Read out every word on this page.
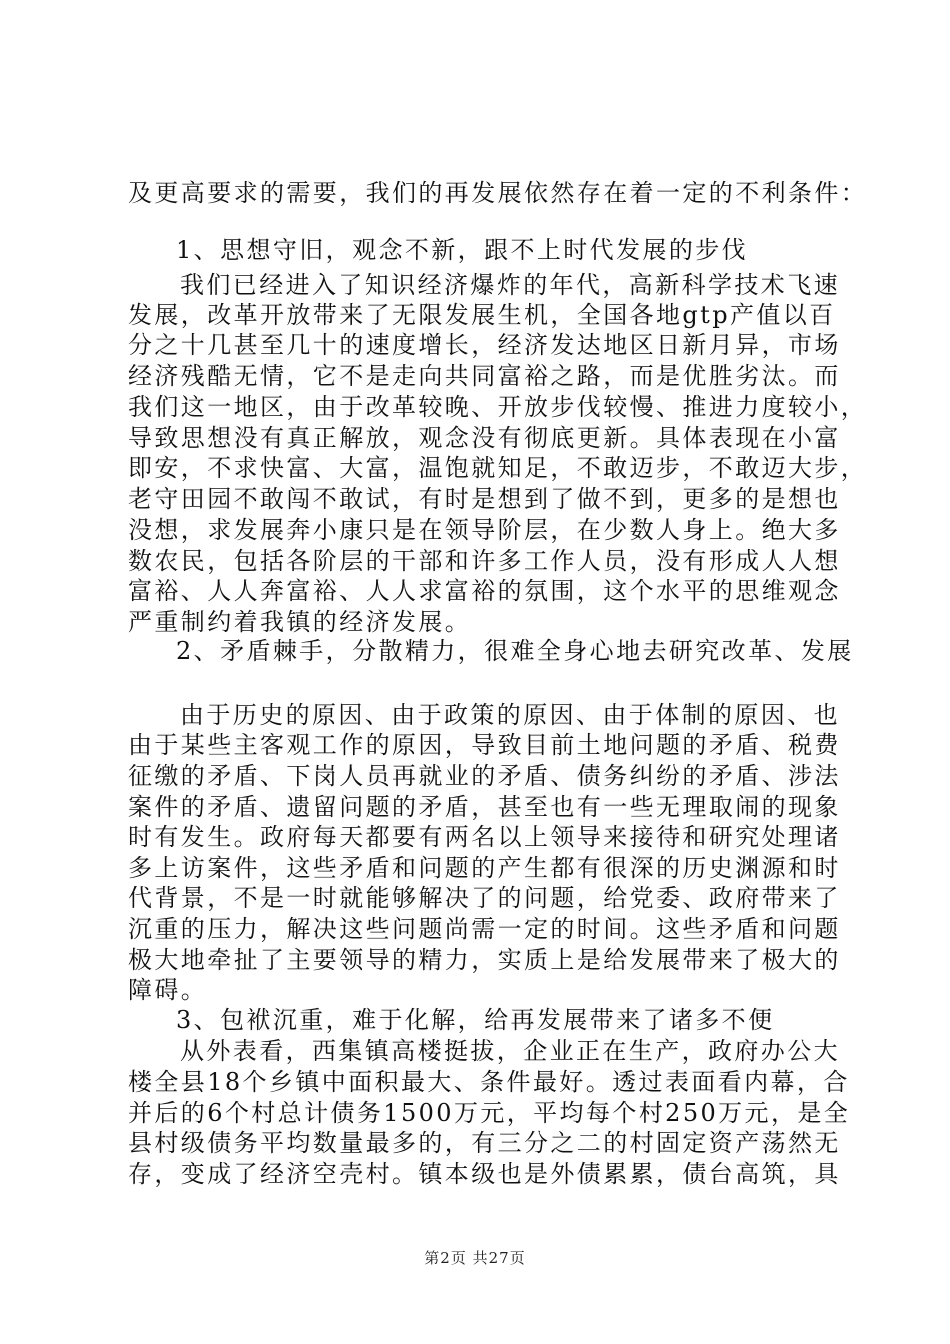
及更高要求的需要，我们的再发展依然存在着一定的不利条件：
1、思想守旧，观念不新，跟不上时代发展的步伐
我们已经进入了知识经济爆炸的年代，高新科学技术飞速
发展，改革开放带来了无限发展生机，全国各地gtp产值以百
分之十几甚至几十的速度增长，经济发达地区日新月异，市场
经济残酷无情，它不是走向共同富裕之路，而是优胜劣汰。而
我们这一地区，由于改革较晚、开放步伐较慢、推进力度较小，
导致思想没有真正解放，观念没有彻底更新。具体表现在小富
即安，不求快富、大富，温饱就知足，不敢迈步，不敢迈大步，
老守田园不敢闯不敢试，有时是想到了做不到，更多的是想也
没想，求发展奔小康只是在领导阶层，在少数人身上。绝大多
数农民，包括各阶层的干部和许多工作人员，没有形成人人想
富裕、人人奔富裕、人人求富裕的氛围，这个水平的思维观念
严重制约着我镇的经济发展。
2、矛盾棘手，分散精力，很难全身心地去研究改革、发展
由于历史的原因、由于政策的原因、由于体制的原因、也
由于某些主客观工作的原因，导致目前土地问题的矛盾、税费
征缴的矛盾、下岗人员再就业的矛盾、债务纠纷的矛盾、涉法
案件的矛盾、遗留问题的矛盾，甚至也有一些无理取闹的现象
时有发生。政府每天都要有两名以上领导来接待和研究处理诸
多上访案件，这些矛盾和问题的产生都有很深的历史渊源和时
代背景，不是一时就能够解决了的问题，给党委、政府带来了
沉重的压力，解决这些问题尚需一定的时间。这些矛盾和问题
极大地牵扯了主要领导的精力，实质上是给发展带来了极大的
障碍。
3、包袱沉重，难于化解，给再发展带来了诸多不便
从外表看，西集镇高楼挺拔，企业正在生产，政府办公大
楼全县18个乡镇中面积最大、条件最好。透过表面看内幕，合
并后的6个村总计债务1500万元，平均每个村250万元，是全
县村级债务平均数量最多的，有三分之二的村固定资产荡然无
存，变成了经济空壳村。镇本级也是外债累累，债台高筑，具
第2页 共27页
